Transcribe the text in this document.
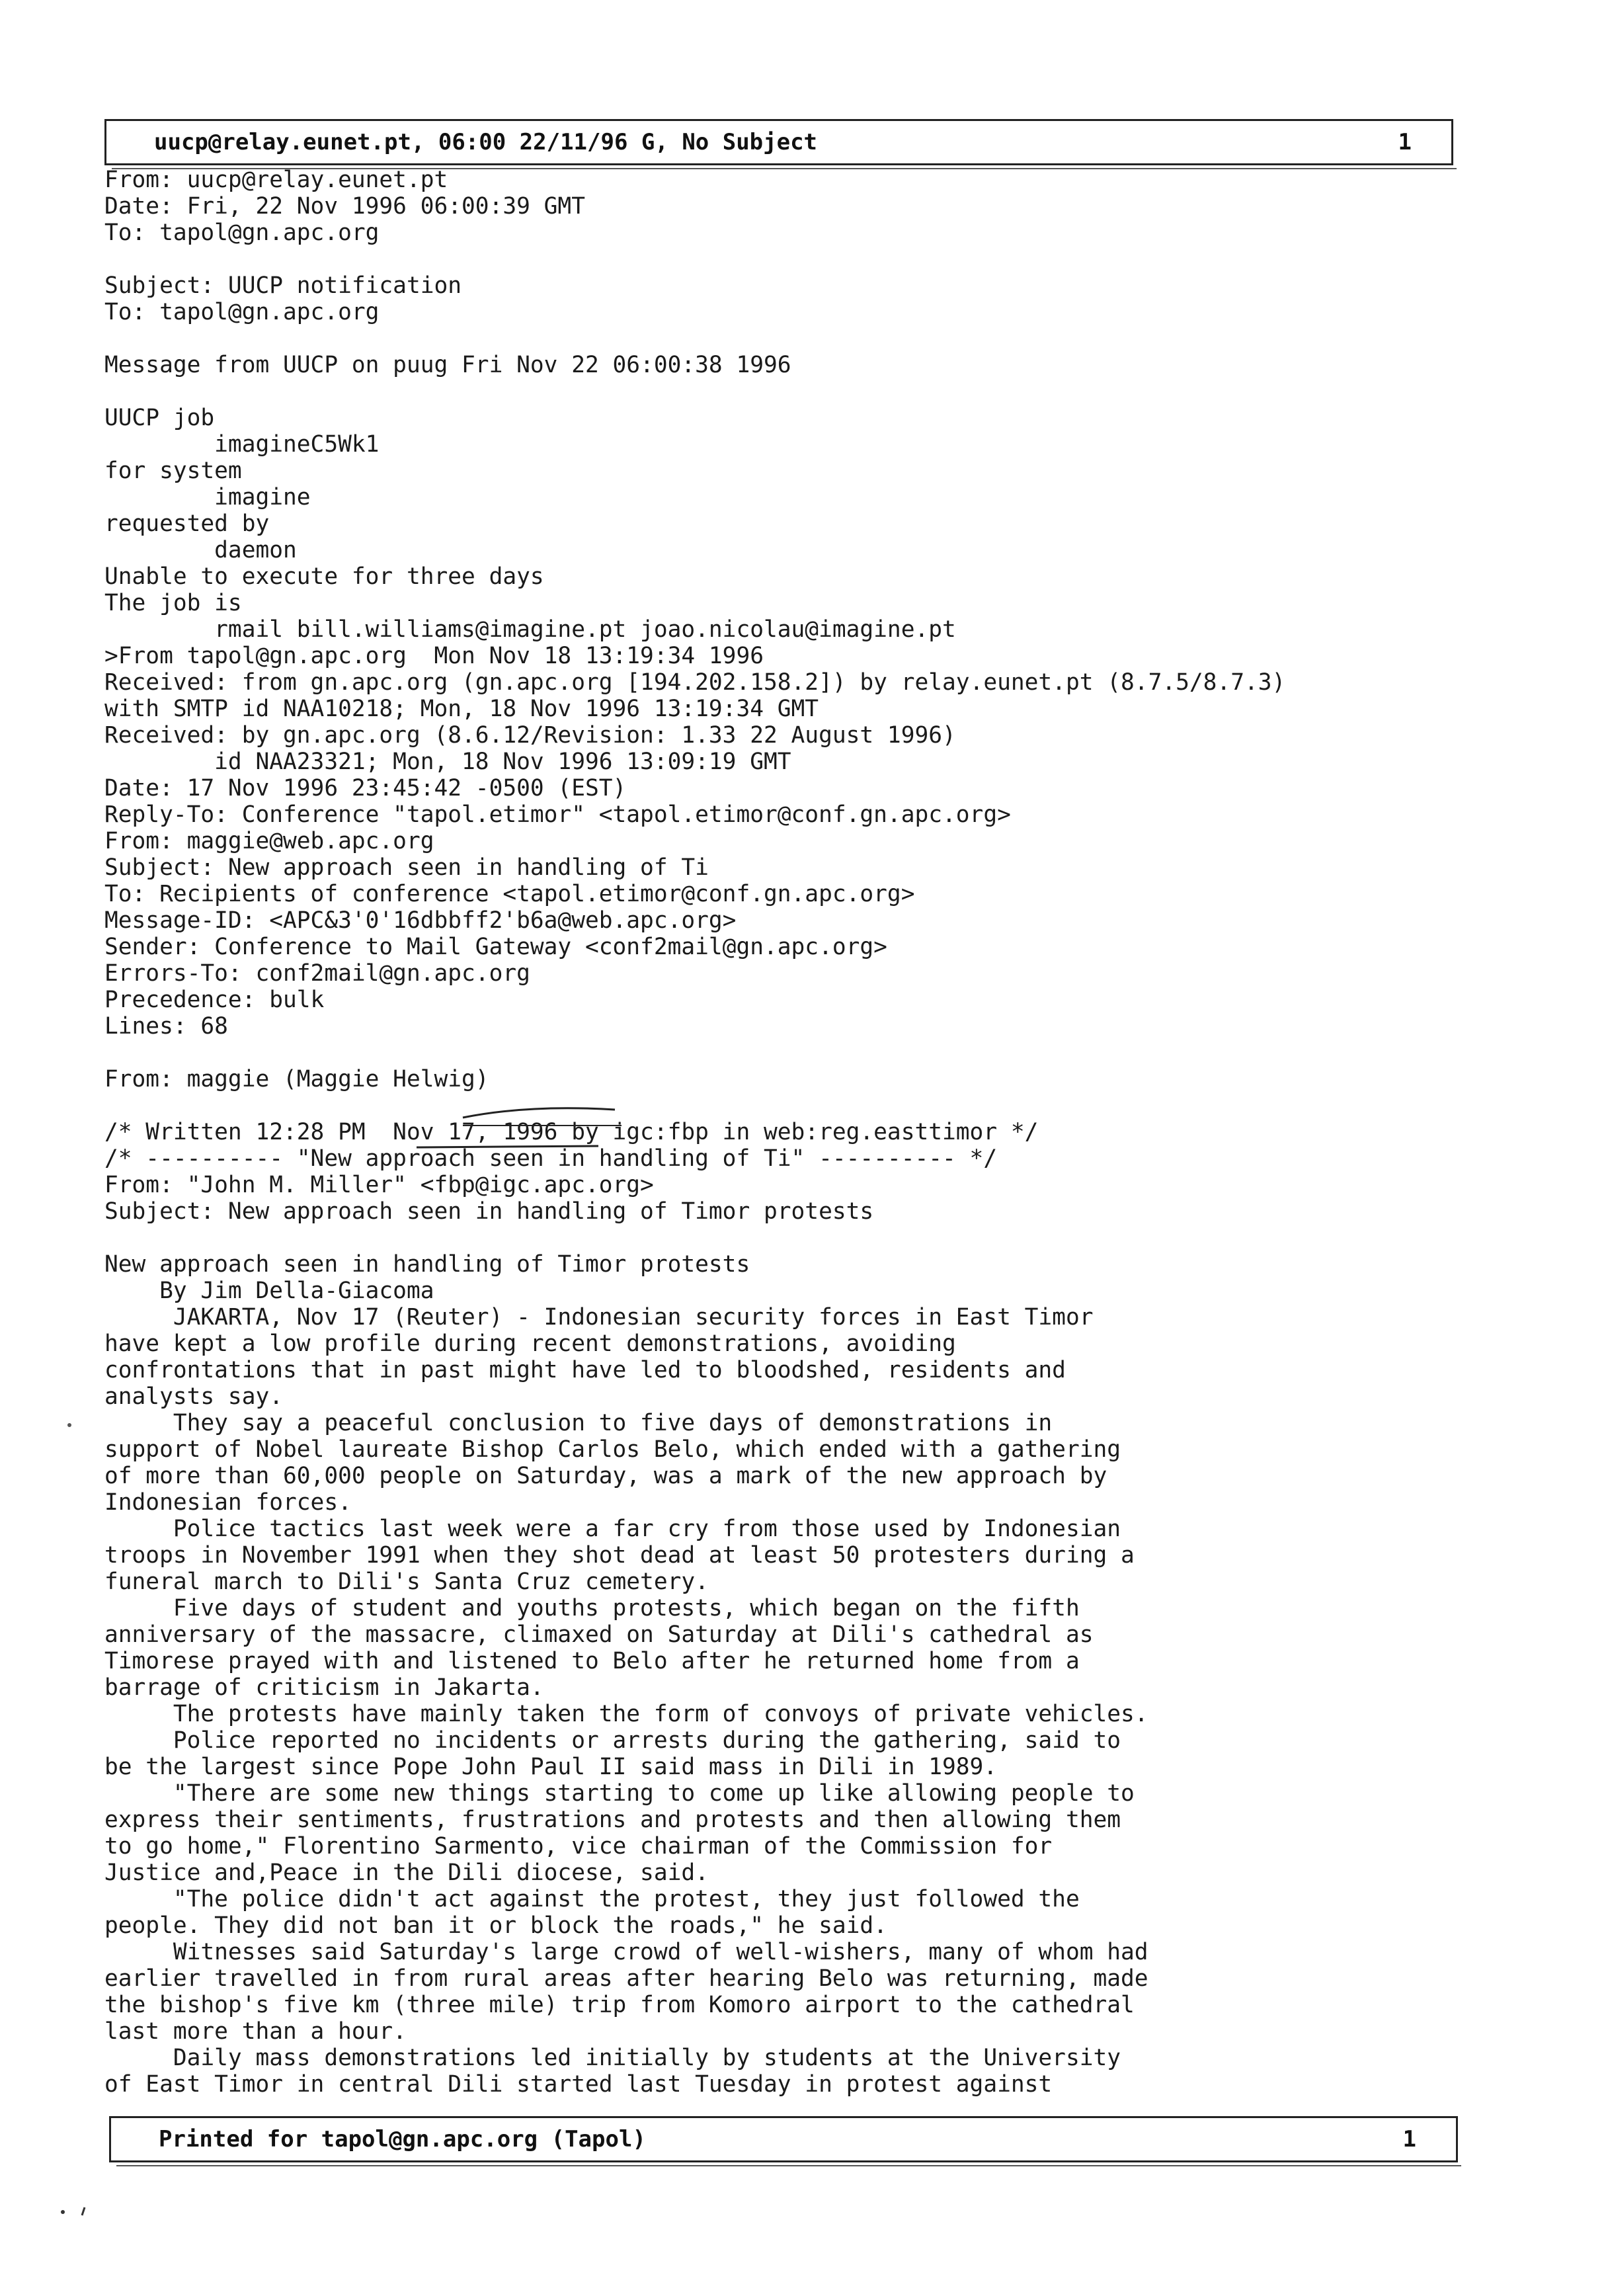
uucp@relay.eunet.pt, 06:00 22/11/96 G, No Subject	1
From: uucp@relay.eunet.pt
Date: Fri, 22 Nov 1996 06:00:39 GMT
To: tapol@gn.apc.org

Subject: UUCP notification
To: tapol@gn.apc.org

Message from UUCP on puug Fri Nov 22 06:00:38 1996

UUCP job
imagineC5Wk1
for system
imagine
requested by
daemon
Unable to execute for three days
The job is
rmail bill.williams@imagine.pt joao.nicolau@imagine.pt
>From tapol@gn.apc.org  Mon Nov 18 13:19:34 1996
Received: from gn.apc.org (gn.apc.org [194.202.158.2]) by relay.eunet.pt (8.7.5/8.7.3)
with SMTP id NAA10218; Mon, 18 Nov 1996 13:19:34 GMT
Received: by gn.apc.org (8.6.12/Revision: 1.33 22 August 1996)
id NAA23321; Mon, 18 Nov 1996 13:09:19 GMT
Date: 17 Nov 1996 23:45:42 -0500 (EST)
Reply-To: Conference "tapol.etimor" <tapol.etimor@conf.gn.apc.org>
From: maggie@web.apc.org
Subject: New approach seen in handling of Ti
To: Recipients of conference <tapol.etimor@conf.gn.apc.org>
Message-ID: <APC&3'0'16dbbff2'b6a@web.apc.org>
Sender: Conference to Mail Gateway <conf2mail@gn.apc.org>
Errors-To: conf2mail@gn.apc.org
Precedence: bulk
Lines: 68

From: maggie (Maggie Helwig)

/* Written 12:28 PM  Nov 17, 1996 by igc:fbp in web:reg.easttimor */
/* ---------- "New approach seen in handling of Ti" ---------- */
From: "John M. Miller" <fbp@igc.apc.org>
Subject: New approach seen in handling of Timor protests

New approach seen in handling of Timor protests
By Jim Della-Giacoma
JAKARTA, Nov 17 (Reuter) - Indonesian security forces in East Timor
have kept a low profile during recent demonstrations, avoiding
confrontations that in past might have led to bloodshed, residents and
analysts say.
They say a peaceful conclusion to five days of demonstrations in
support of Nobel laureate Bishop Carlos Belo, which ended with a gathering
of more than 60,000 people on Saturday, was a mark of the new approach by
Indonesian forces.
Police tactics last week were a far cry from those used by Indonesian
troops in November 1991 when they shot dead at least 50 protesters during a
funeral march to Dili's Santa Cruz cemetery.
Five days of student and youths protests, which began on the fifth
anniversary of the massacre, climaxed on Saturday at Dili's cathedral as
Timorese prayed with and listened to Belo after he returned home from a
barrage of criticism in Jakarta.
The protests have mainly taken the form of convoys of private vehicles.
Police reported no incidents or arrests during the gathering, said to
be the largest since Pope John Paul II said mass in Dili in 1989.
"There are some new things starting to come up like allowing people to
express their sentiments, frustrations and protests and then allowing them
to go home," Florentino Sarmento, vice chairman of the Commission for
Justice and,Peace in the Dili diocese, said.
"The police didn't act against the protest, they just followed the
people. They did not ban it or block the roads," he said.
Witnesses said Saturday's large crowd of well-wishers, many of whom had
earlier travelled in from rural areas after hearing Belo was returning, made
the bishop's five km (three mile) trip from Komoro airport to the cathedral
last more than a hour.
Daily mass demonstrations led initially by students at the University
of East Timor in central Dili started last Tuesday in protest against
Printed for tapol@gn.apc.org (Tapol)	1
